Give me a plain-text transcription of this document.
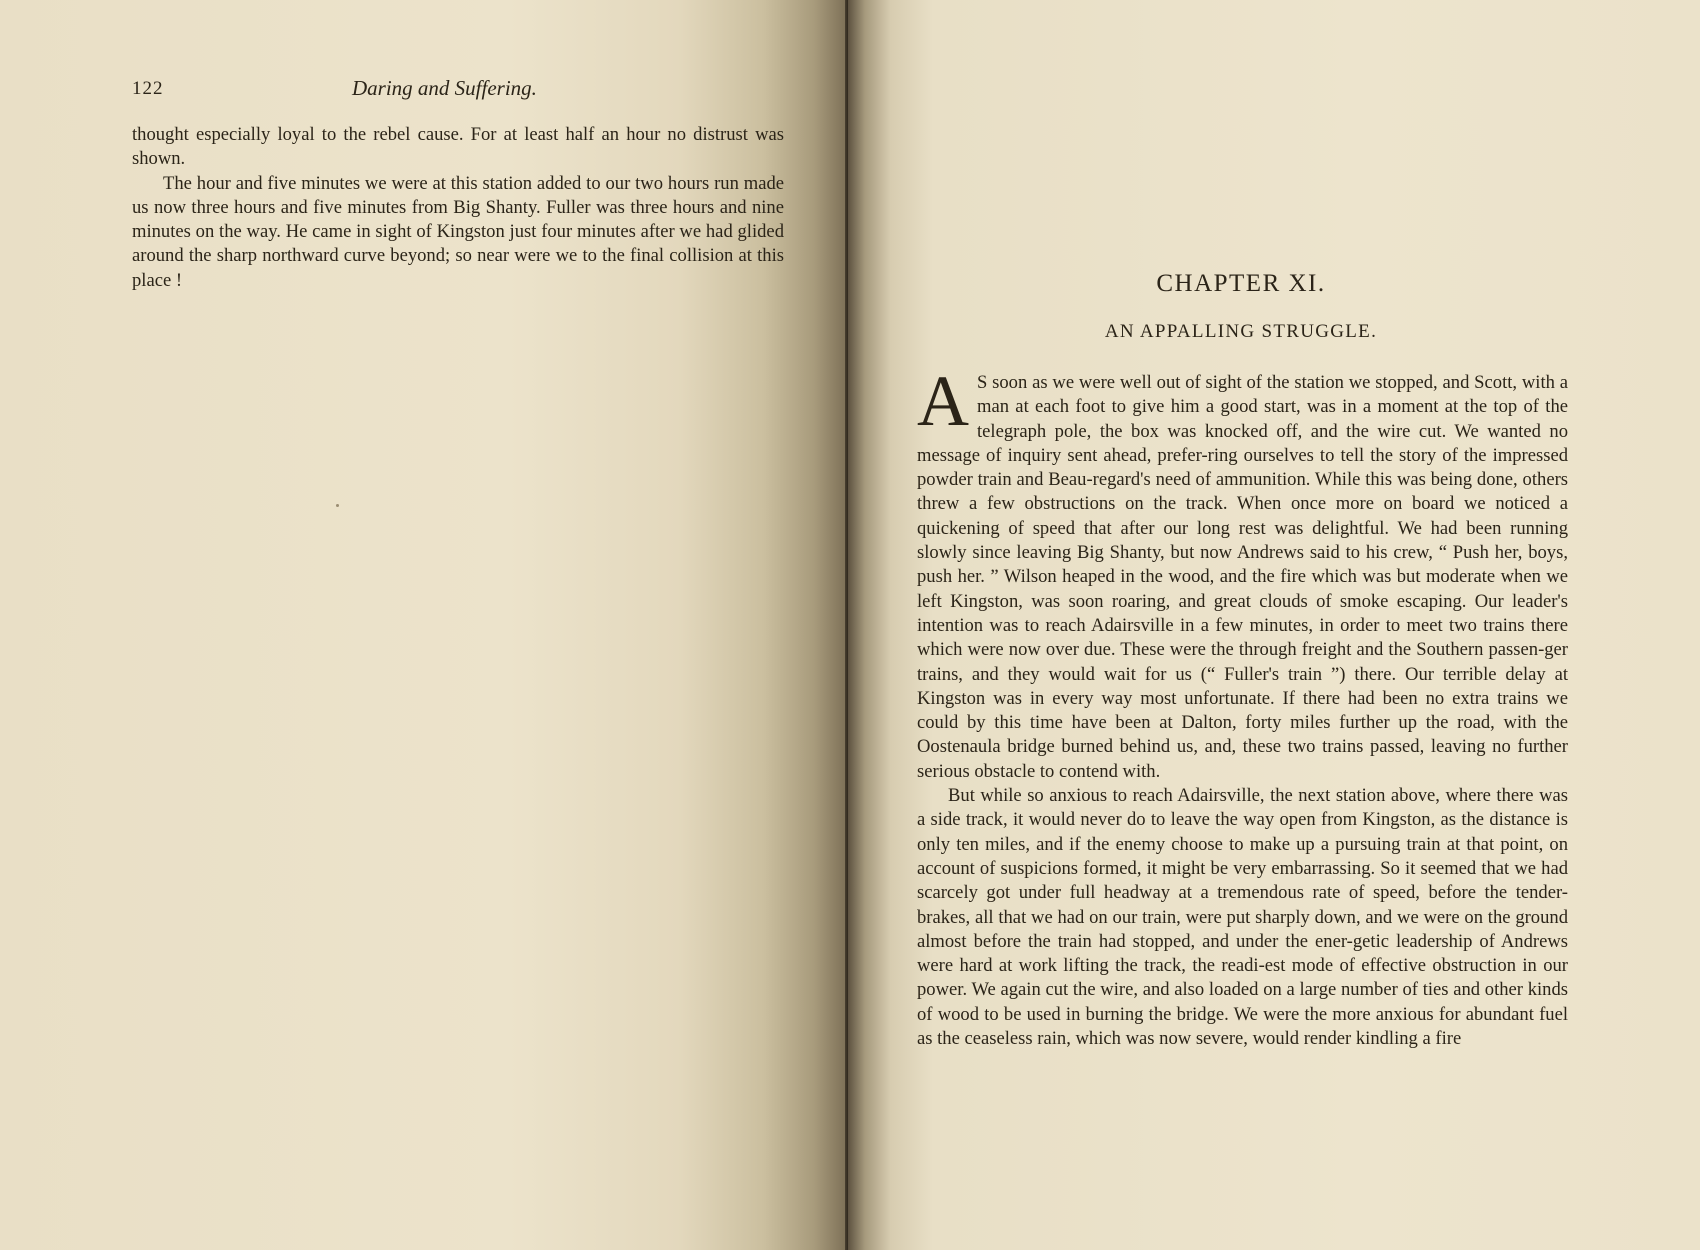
122	Daring and Suffering.

thought especially loyal to the rebel cause. For at least half an hour no distrust was shown.

The hour and five minutes we were at this station added to our two hours run made us now three hours and five minutes from Big Shanty. Fuller was three hours and nine minutes on the way. He came in sight of Kingston just four minutes after we had glided around the sharp northward curve beyond; so near were we to the final collision at this place !	CHAPTER XI.
AN APPALLING STRUGGLE.

A S soon as we were well out of sight of the station we stopped, and Scott, with a man at each foot to give him a good start, was in a moment at the top of the telegraph pole, the box was knocked off, and the wire cut. We wanted no message of inquiry sent ahead, prefer-ring ourselves to tell the story of the impressed powder train and Beau-regard's need of ammunition. While this was being done, others threw a few obstructions on the track. When once more on board we noticed a quickening of speed that after our long rest was delightful. We had been running slowly since leaving Big Shanty, but now Andrews said to his crew, “ Push her, boys, push her. ” Wilson heaped in the wood, and the fire which was but moderate when we left Kingston, was soon roaring, and great clouds of smoke escaping. Our leader's intention was to reach Adairsville in a few minutes, in order to meet two trains there which were now over due. These were the through freight and the Southern passen-ger trains, and they would wait for us (“ Fuller's train ”) there. Our terrible delay at Kingston was in every way most unfortunate. If there had been no extra trains we could by this time have been at Dalton, forty miles further up the road, with the Oostenaula bridge burned behind us, and, these two trains passed, leaving no further serious obstacle to contend with.

But while so anxious to reach Adairsville, the next station above, where there was a side track, it would never do to leave the way open from Kingston, as the distance is only ten miles, and if the enemy choose to make up a pursuing train at that point, on account of suspicions formed, it might be very embarrassing. So it seemed that we had scarcely got under full headway at a tremendous rate of speed, before the tender-brakes, all that we had on our train, were put sharply down, and we were on the ground almost before the train had stopped, and under the ener-getic leadership of Andrews were hard at work lifting the track, the readi-est mode of effective obstruction in our power. We again cut the wire, and also loaded on a large number of ties and other kinds of wood to be used in burning the bridge. We were the more anxious for abundant fuel as the ceaseless rain, which was now severe, would render kindling a fire
